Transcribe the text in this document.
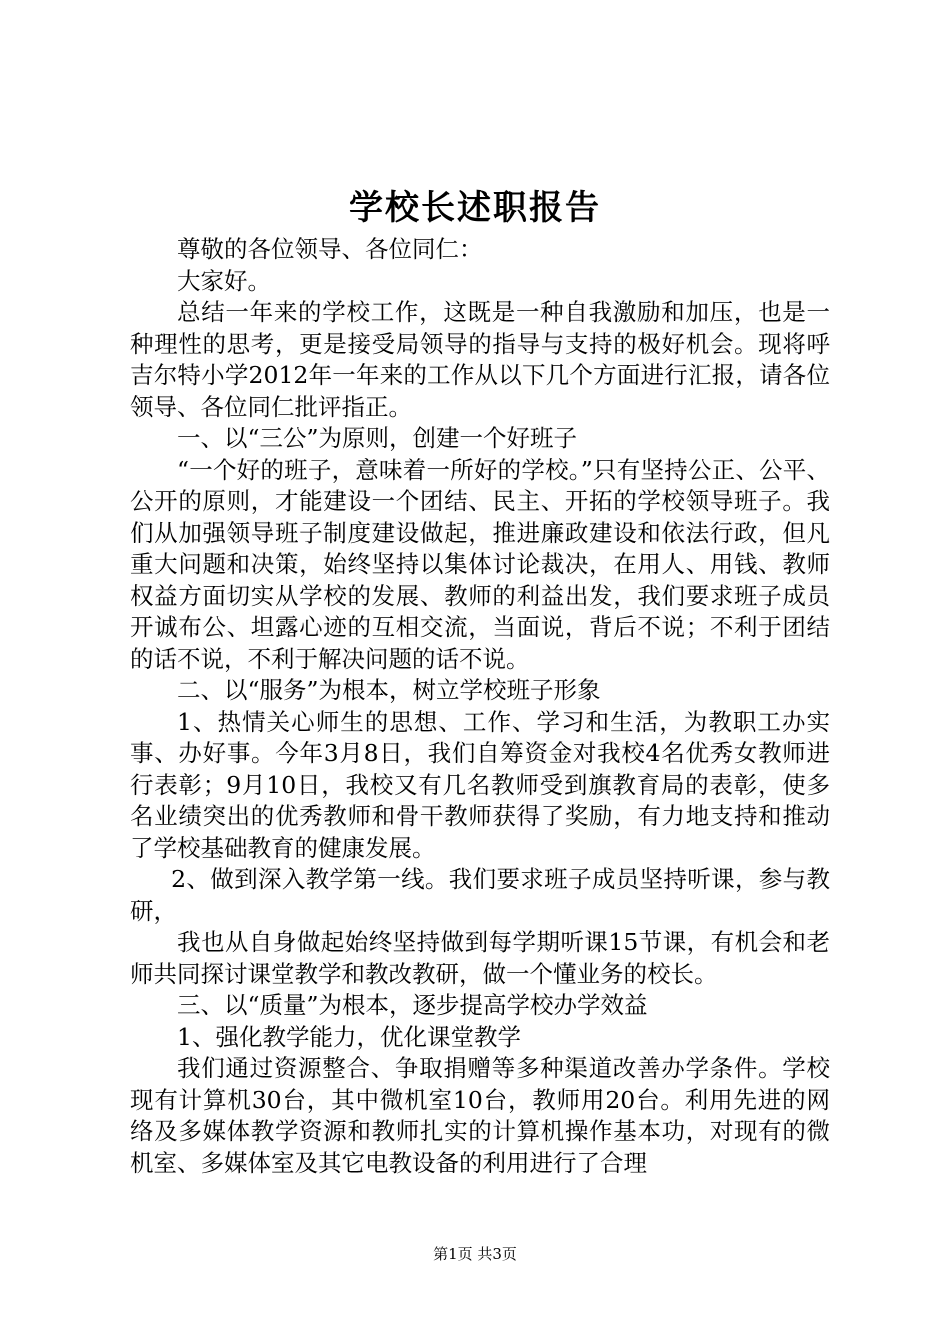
学校长述职报告

尊敬的各位领导、各位同仁：

大家好。

总结一年来的学校工作，这既是一种自我激励和加压，也是一种理性的思考，更是接受局领导的指导与支持的极好机会。现将呼吉尔特小学2012年一年来的工作从以下几个方面进行汇报，请各位领导、各位同仁批评指正。

一、以“三公”为原则，创建一个好班子

“一个好的班子，意味着一所好的学校。”只有坚持公正、公平、公开的原则，才能建设一个团结、民主、开拓的学校领导班子。我们从加强领导班子制度建设做起，推进廉政建设和依法行政，但凡重大问题和决策，始终坚持以集体讨论裁决，在用人、用钱、教师权益方面切实从学校的发展、教师的利益出发，我们要求班子成员开诚布公、坦露心迹的互相交流，当面说，背后不说；不利于团结的话不说，不利于解决问题的话不说。

二、以“服务”为根本，树立学校班子形象

1、热情关心师生的思想、工作、学习和生活，为教职工办实事、办好事。今年3月8日，我们自筹资金对我校4名优秀女教师进行表彰；9月10日，我校又有几名教师受到旗教育局的表彰，使多名业绩突出的优秀教师和骨干教师获得了奖励，有力地支持和推动了学校基础教育的健康发展。

2、做到深入教学第一线。我们要求班子成员坚持听课，参与教研，

我也从自身做起始终坚持做到每学期听课15节课，有机会和老师共同探讨课堂教学和教改教研，做一个懂业务的校长。

三、以“质量”为根本，逐步提高学校办学效益

1、强化教学能力，优化课堂教学

我们通过资源整合、争取捐赠等多种渠道改善办学条件。学校现有计算机30台，其中微机室10台，教师用20台。利用先进的网络及多媒体教学资源和教师扎实的计算机操作基本功，对现有的微机室、多媒体室及其它电教设备的利用进行了合理

第1页 共3页
